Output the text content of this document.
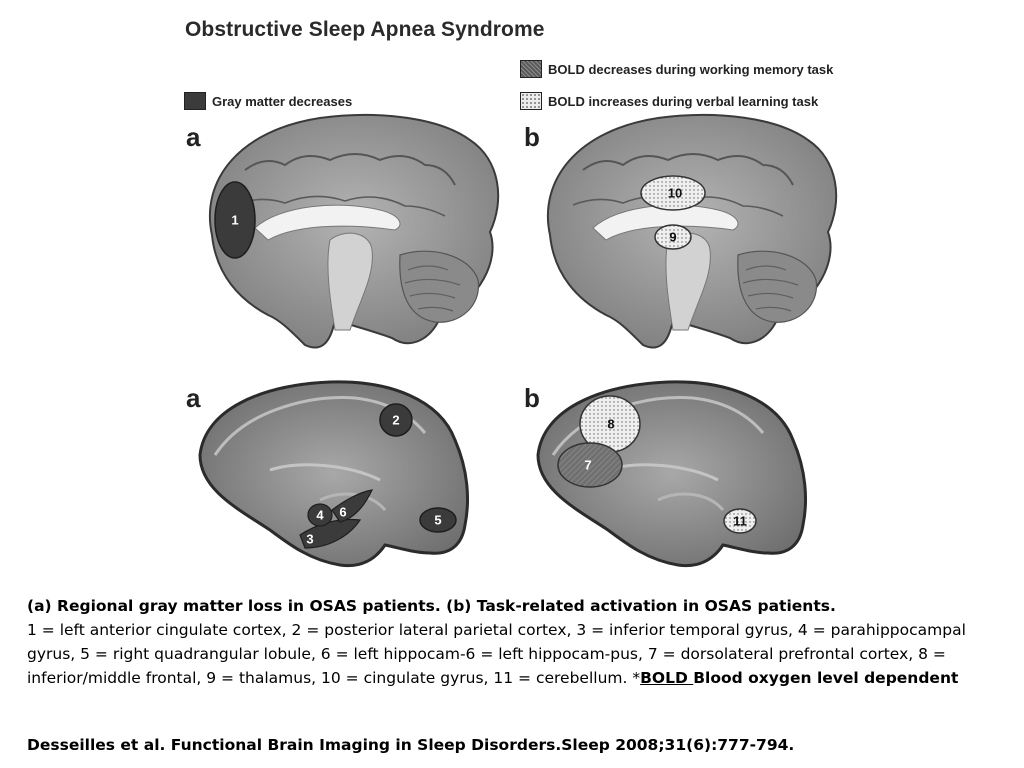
Obstructive Sleep Apnea Syndrome
BOLD decreases during working memory task
Gray matter decreases	BOLD increases during verbal learning task
a	b
a	b
1
2
3
4	5
6
7
8
9
10
11
(a) Regional gray matter loss in OSAS patients. (b) Task-related activation in OSAS patients.
1 = left anterior cingulate cortex, 2 = posterior lateral parietal cortex, 3 = inferior temporal gyrus, 4 = parahippocampal gyrus, 5 = right quadrangular lobule, 6 = left hippocam-6 = left hippocam-pus, 7 = dorsolateral prefrontal cortex, 8 = inferior/middle frontal, 9 = thalamus, 10 = cingulate gyrus, 11 = cerebellum. *BOLD Blood oxygen level dependent
Desseilles et al. Functional Brain Imaging in Sleep Disorders.Sleep 2008;31(6):777-794.
